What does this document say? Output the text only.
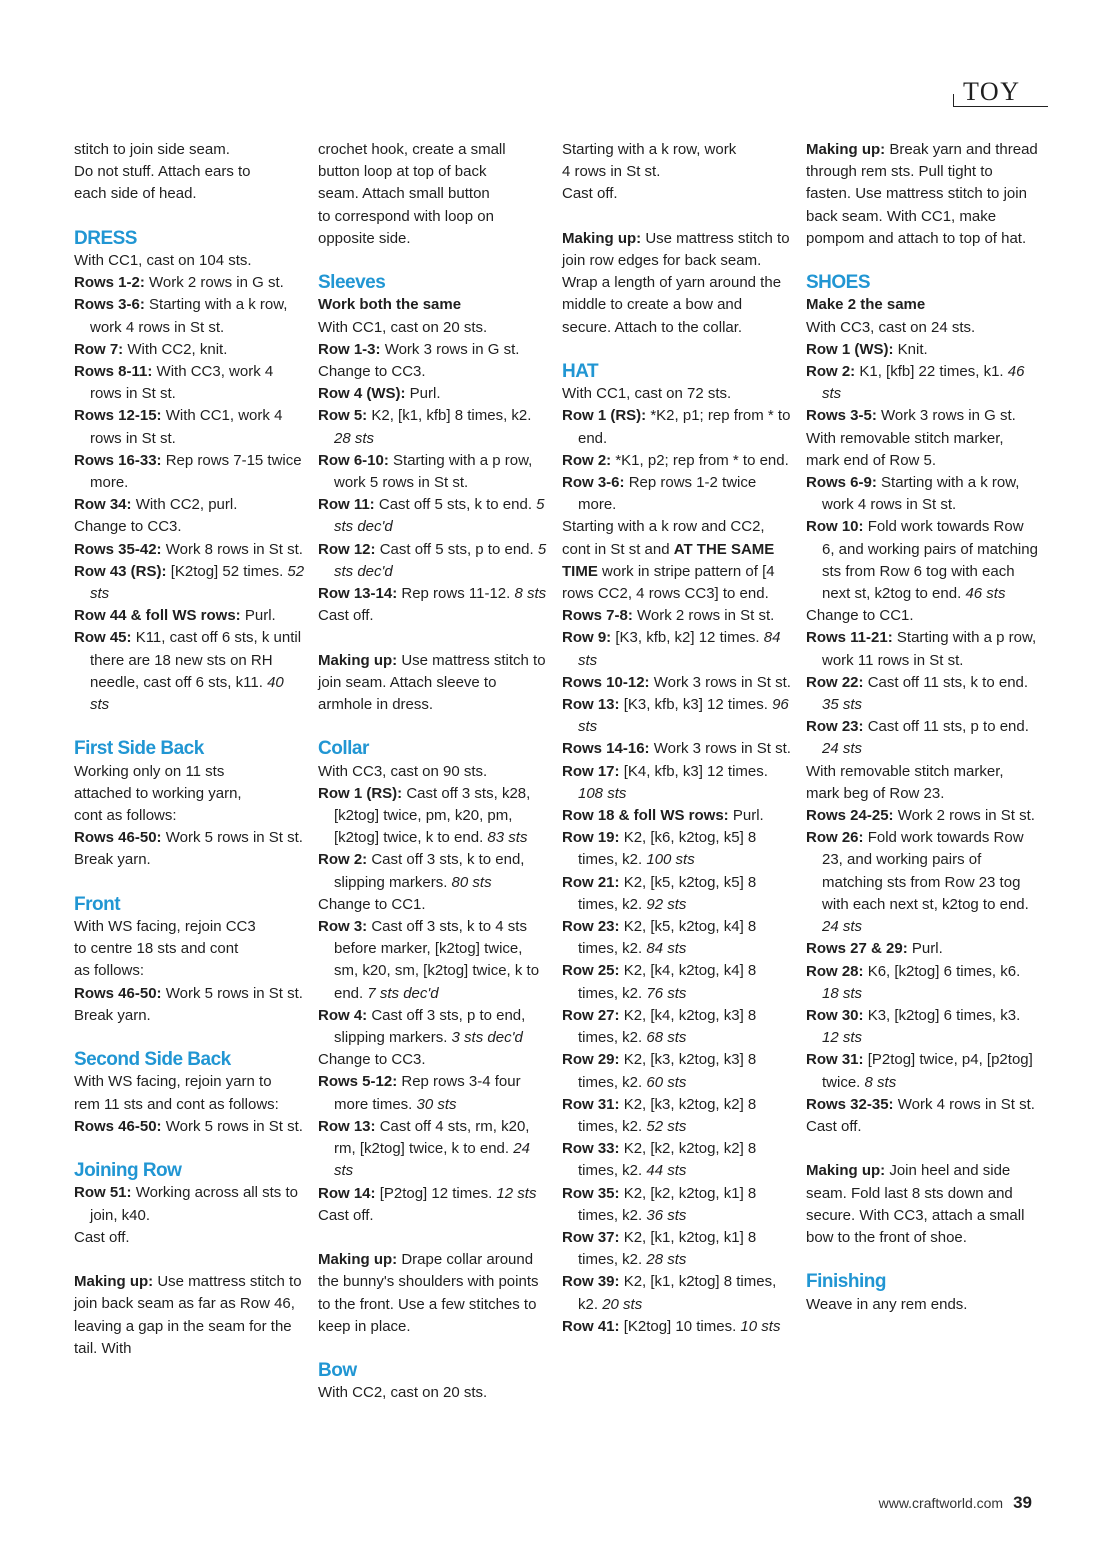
TOY
stitch to join side seam.
Do not stuff. Attach ears to
each side of head.
DRESS
With CC1, cast on 104 sts.
Rows 1-2: Work 2 rows in G st.
Rows 3-6: Starting with a k row, work 4 rows in St st.
Row 7: With CC2, knit.
Rows 8-11: With CC3, work 4 rows in St st.
Rows 12-15: With CC1, work 4 rows in St st.
Rows 16-33: Rep rows 7-15 twice more.
Row 34: With CC2, purl.
Change to CC3.
Rows 35-42: Work 8 rows in St st.
Row 43 (RS): [K2tog] 52 times. 52 sts
Row 44 & foll WS rows: Purl.
Row 45: K11, cast off 6 sts, k until there are 18 new sts on RH needle, cast off 6 sts, k11. 40 sts
First Side Back
Working only on 11 sts
attached to working yarn,
cont as follows:
Rows 46-50: Work 5 rows in St st.
Break yarn.
Front
With WS facing, rejoin CC3
to centre 18 sts and cont
as follows:
Rows 46-50: Work 5 rows in St st.
Break yarn.
Second Side Back
With WS facing, rejoin yarn to
rem 11 sts and cont as follows:
Rows 46-50: Work 5 rows in St st.
Joining Row
Row 51: Working across all sts to join, k40.
Cast off.
Making up: Use mattress stitch to join back seam as far as Row 46, leaving a gap in the seam for the tail. With
crochet hook, create a small
button loop at top of back
seam. Attach small button
to correspond with loop on
opposite side.
Sleeves
Work both the same
With CC1, cast on 20 sts.
Row 1-3: Work 3 rows in G st.
Change to CC3.
Row 4 (WS): Purl.
Row 5: K2, [k1, kfb] 8 times, k2. 28 sts
Row 6-10: Starting with a p row, work 5 rows in St st.
Row 11: Cast off 5 sts, k to end. 5 sts dec'd
Row 12: Cast off 5 sts, p to end. 5 sts dec'd
Row 13-14: Rep rows 11-12. 8 sts
Cast off.
Making up: Use mattress stitch to join seam. Attach sleeve to armhole in dress.
Collar
With CC3, cast on 90 sts.
Row 1 (RS): Cast off 3 sts, k28, [k2tog] twice, pm, k20, pm, [k2tog] twice, k to end. 83 sts
Row 2: Cast off 3 sts, k to end, slipping markers. 80 sts
Change to CC1.
Row 3: Cast off 3 sts, k to 4 sts before marker, [k2tog] twice, sm, k20, sm, [k2tog] twice, k to end. 7 sts dec'd
Row 4: Cast off 3 sts, p to end, slipping markers. 3 sts dec'd
Change to CC3.
Rows 5-12: Rep rows 3-4 four more times. 30 sts
Row 13: Cast off 4 sts, rm, k20, rm, [k2tog] twice, k to end. 24 sts
Row 14: [P2tog] 12 times. 12 sts
Cast off.
Making up: Drape collar around the bunny's shoulders with points to the front. Use a few stitches to keep in place.
Bow
With CC2, cast on 20 sts.
Starting with a k row, work
4 rows in St st.
Cast off.
Making up: Use mattress stitch to join row edges for back seam. Wrap a length of yarn around the middle to create a bow and secure. Attach to the collar.
HAT
With CC1, cast on 72 sts.
Row 1 (RS): *K2, p1; rep from * to end.
Row 2: *K1, p2; rep from * to end.
Row 3-6: Rep rows 1-2 twice more.
Starting with a k row and CC2, cont in St st and AT THE SAME TIME work in stripe pattern of [4 rows CC2, 4 rows CC3] to end.
Rows 7-8: Work 2 rows in St st.
Row 9: [K3, kfb, k2] 12 times. 84 sts
Rows 10-12: Work 3 rows in St st.
Row 13: [K3, kfb, k3] 12 times. 96 sts
Rows 14-16: Work 3 rows in St st.
Row 17: [K4, kfb, k3] 12 times. 108 sts
Row 18 & foll WS rows: Purl.
Row 19: K2, [k6, k2tog, k5] 8 times, k2. 100 sts
Row 21: K2, [k5, k2tog, k5] 8 times, k2. 92 sts
Row 23: K2, [k5, k2tog, k4] 8 times, k2. 84 sts
Row 25: K2, [k4, k2tog, k4] 8 times, k2. 76 sts
Row 27: K2, [k4, k2tog, k3] 8 times, k2. 68 sts
Row 29: K2, [k3, k2tog, k3] 8 times, k2. 60 sts
Row 31: K2, [k3, k2tog, k2] 8 times, k2. 52 sts
Row 33: K2, [k2, k2tog, k2] 8 times, k2. 44 sts
Row 35: K2, [k2, k2tog, k1] 8 times, k2. 36 sts
Row 37: K2, [k1, k2tog, k1] 8 times, k2. 28 sts
Row 39: K2, [k1, k2tog] 8 times, k2. 20 sts
Row 41: [K2tog] 10 times. 10 sts
Making up: Break yarn and thread through rem sts. Pull tight to fasten. Use mattress stitch to join back seam. With CC1, make pompom and attach to top of hat.
SHOES
Make 2 the same
With CC3, cast on 24 sts.
Row 1 (WS): Knit.
Row 2: K1, [kfb] 22 times, k1. 46 sts
Rows 3-5: Work 3 rows in G st.
With removable stitch marker, mark end of Row 5.
Rows 6-9: Starting with a k row, work 4 rows in St st.
Row 10: Fold work towards Row 6, and working pairs of matching sts from Row 6 tog with each next st, k2tog to end. 46 sts
Change to CC1.
Rows 11-21: Starting with a p row, work 11 rows in St st.
Row 22: Cast off 11 sts, k to end. 35 sts
Row 23: Cast off 11 sts, p to end. 24 sts
With removable stitch marker, mark beg of Row 23.
Rows 24-25: Work 2 rows in St st.
Row 26: Fold work towards Row 23, and working pairs of matching sts from Row 23 tog with each next st, k2tog to end. 24 sts
Rows 27 & 29: Purl.
Row 28: K6, [k2tog] 6 times, k6. 18 sts
Row 30: K3, [k2tog] 6 times, k3. 12 sts
Row 31: [P2tog] twice, p4, [p2tog] twice. 8 sts
Rows 32-35: Work 4 rows in St st.
Cast off.
Making up: Join heel and side seam. Fold last 8 sts down and secure. With CC3, attach a small bow to the front of shoe.
Finishing
Weave in any rem ends.
www.craftworld.com 39
